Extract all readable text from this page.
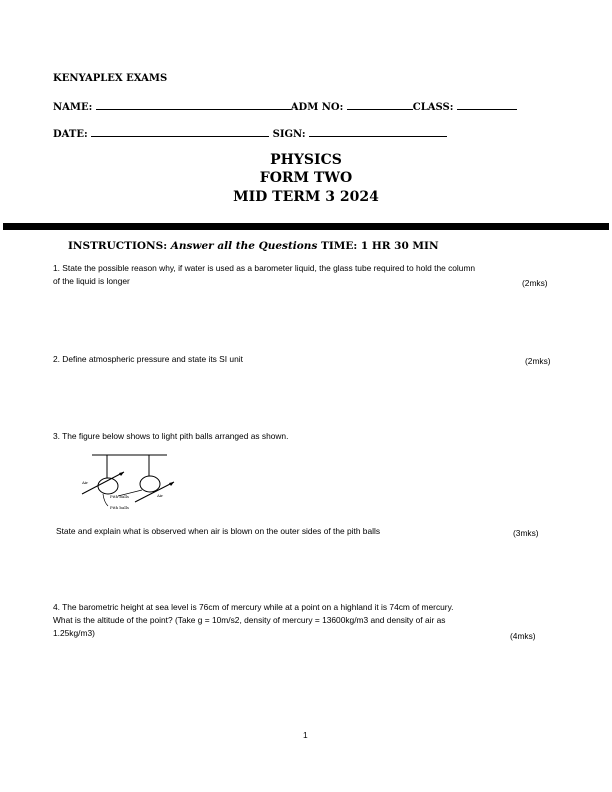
KENYAPLEX EXAMS
NAME:	ADM NO:	CLASS:
DATE:	SIGN:
PHYSICS
FORM TWO
MID TERM 3 2024
INSTRUCTIONS: Answer all the Questions TIME: 1 HR 30 MIN
1. State the possible reason why, if water is used as a barometer liquid, the glass tube required to hold the column
of the liquid is longer	(2mks)
2. Define atmospheric pressure and state its SI unit	(2mks)
3. The figure below shows to light pith balls arranged as shown.
Air
Air
Pith balls
Pith balls
State and explain what is observed when air is blown on the outer sides of the pith balls	(3mks)
4. The barometric height at sea level is 76cm of mercury while at a point on a highland it is 74cm of mercury.
What is the altitude of the point? (Take g = 10m/s2, density of mercury = 13600kg/m3 and density of air as
1.25kg/m3)	(4mks)
1
